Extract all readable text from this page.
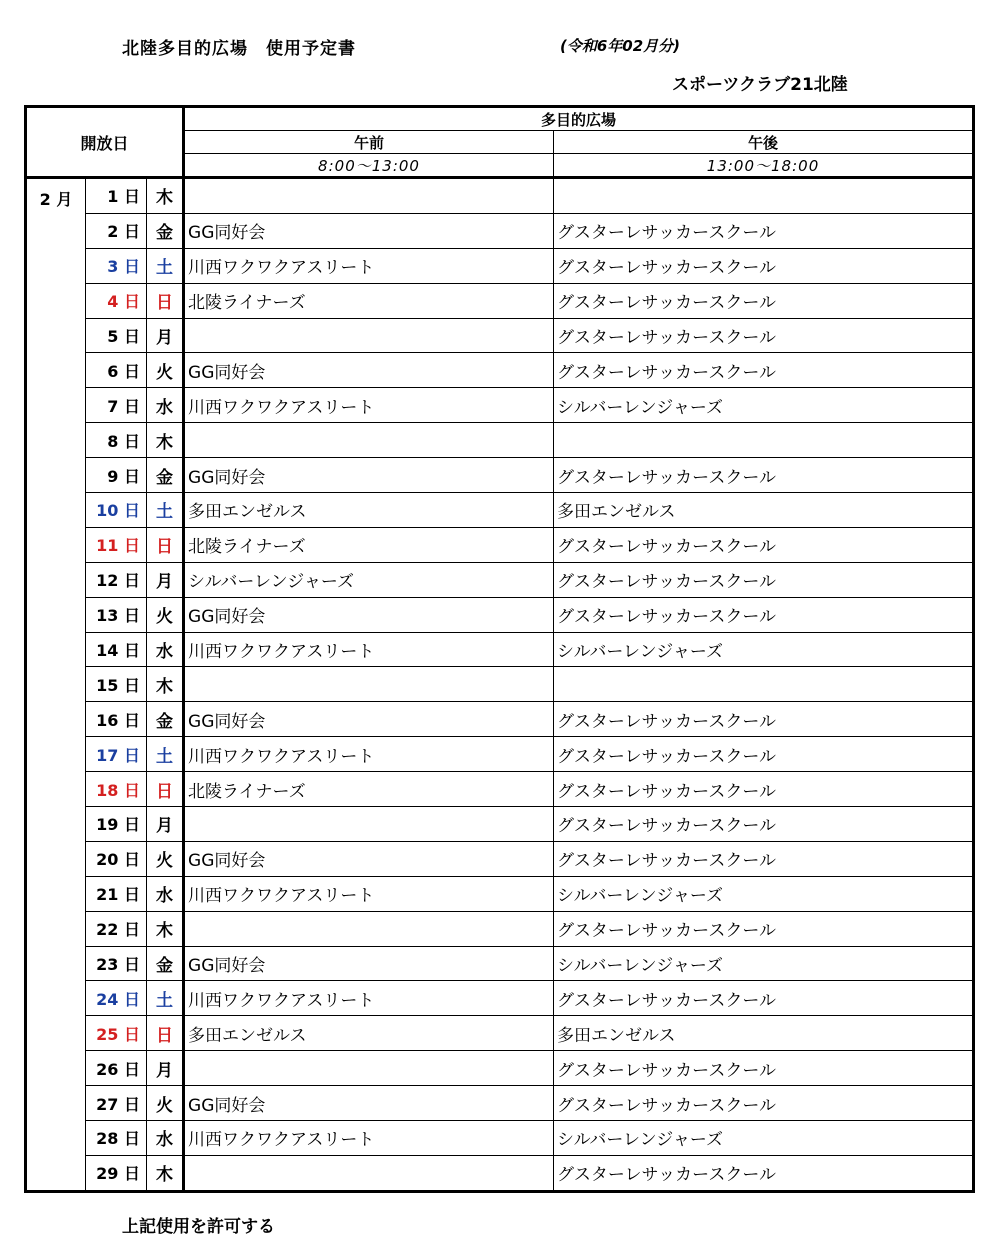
北陸多目的広場　使用予定書	(令和6年02月分)
スポーツクラブ21北陸
開放日			多目的広場	
			午前	午後
			8:00～13:00	13:00～18:00
2 月	1 日	木		
	2 日	金	GG同好会	グスターレサッカースクール
	3 日	土	川西ワクワクアスリート	グスターレサッカースクール
	4 日	日	北陵ライナーズ	グスターレサッカースクール
	5 日	月		グスターレサッカースクール
	6 日	火	GG同好会	グスターレサッカースクール
	7 日	水	川西ワクワクアスリート	シルバーレンジャーズ
	8 日	木		
	9 日	金	GG同好会	グスターレサッカースクール
	10 日	土	多田エンゼルス	多田エンゼルス
	11 日	日	北陵ライナーズ	グスターレサッカースクール
	12 日	月	シルバーレンジャーズ	グスターレサッカースクール
	13 日	火	GG同好会	グスターレサッカースクール
	14 日	水	川西ワクワクアスリート	シルバーレンジャーズ
	15 日	木		
	16 日	金	GG同好会	グスターレサッカースクール
	17 日	土	川西ワクワクアスリート	グスターレサッカースクール
	18 日	日	北陵ライナーズ	グスターレサッカースクール
	19 日	月		グスターレサッカースクール
	20 日	火	GG同好会	グスターレサッカースクール
	21 日	水	川西ワクワクアスリート	シルバーレンジャーズ
	22 日	木		グスターレサッカースクール
	23 日	金	GG同好会	シルバーレンジャーズ
	24 日	土	川西ワクワクアスリート	グスターレサッカースクール
	25 日	日	多田エンゼルス	多田エンゼルス
	26 日	月		グスターレサッカースクール
	27 日	火	GG同好会	グスターレサッカースクール
	28 日	水	川西ワクワクアスリート	シルバーレンジャーズ
	29 日	木		グスターレサッカースクール
上記使用を許可する
